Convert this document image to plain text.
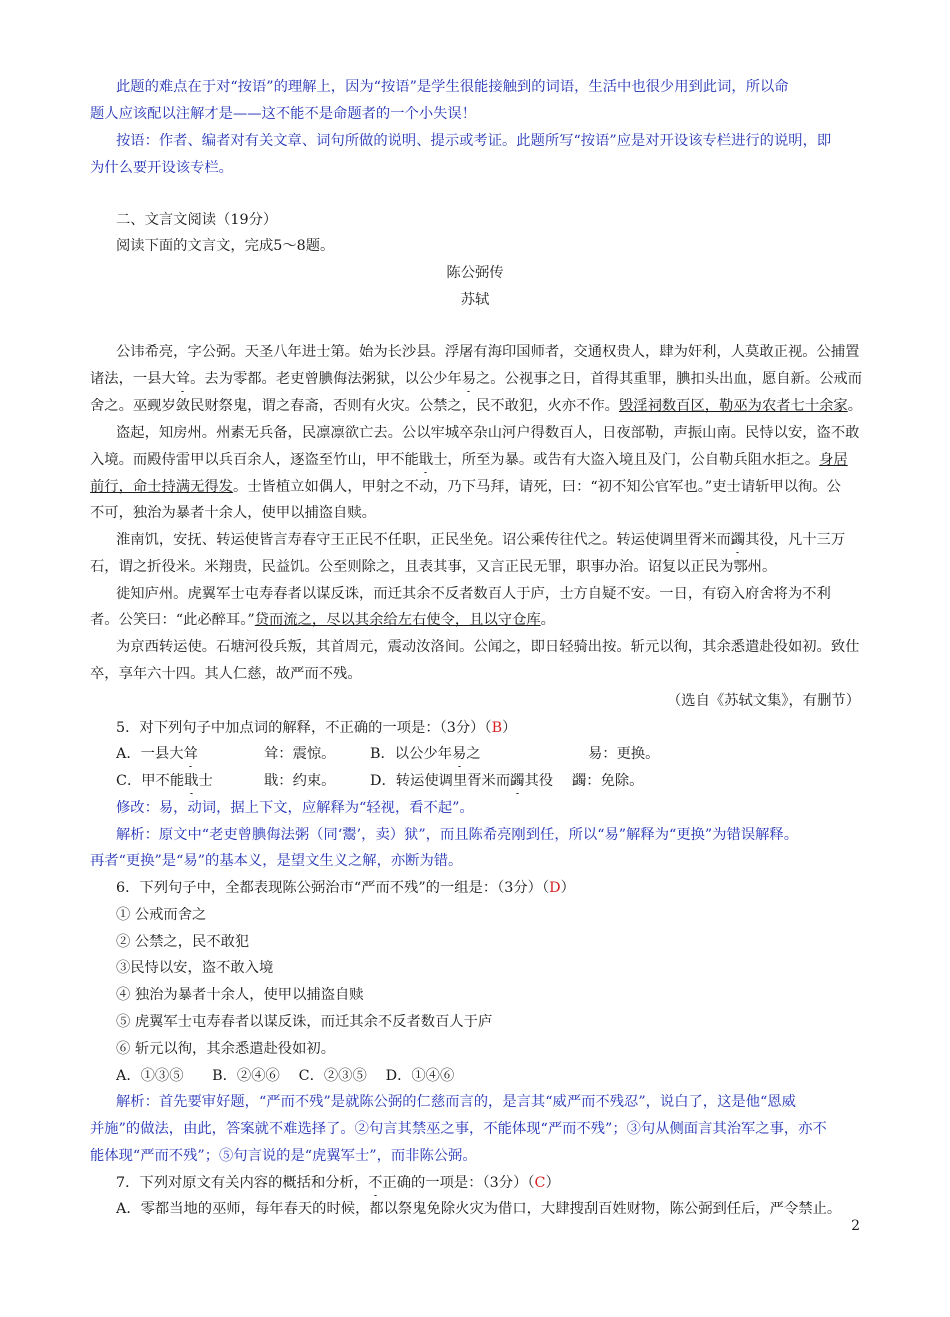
此题的难点在于对“按语”的理解上，因为“按语”是学生很能接触到的词语，生活中也很少用到此词，所以命
题人应该配以注解才是——这不能不是命题者的一个小失误！
按语：作者、编者对有关文章、词句所做的说明、提示或考证。此题所写“按语”应是对开设该专栏进行的说明，即
为什么要开设该专栏。
二、文言文阅读（19分）
阅读下面的文言文，完成5～8题。
陈公弼传
苏轼
公讳希亮，字公弼。天圣八年进士第。始为长沙县。浮屠有海印国师者，交通权贵人，肆为奸利，人莫敢正视。公捕置
诸法，一县大耸。去为零都。老吏曾腆侮法粥狱，以公少年易之。公视事之日，首得其重罪，腆扣头出血，愿自新。公戒而
舍之。巫觋岁敛民财祭鬼，谓之春斋，否则有火灾。公禁之，民不敢犯，火亦不作。毁淫祠数百区，勒巫为农者七十余家。
盗起，知房州。州素无兵备，民凛凛欲亡去。公以牢城卒杂山河户得数百人，日夜部勒，声振山南。民恃以安，盗不敢
入境。而殿侍雷甲以兵百余人，逐盗至竹山，甲不能戢士，所至为暴。或告有大盗入境且及门，公自勒兵阻水拒之。身居
前行，命士持满无得发。士皆植立如偶人，甲射之不动，乃下马拜，请死，曰：“初不知公官军也。”吏士请斩甲以徇。公
不可，独治为暴者十余人，使甲以捕盗自赎。
淮南饥，安抚、转运使皆言寿春守王正民不任职，正民坐免。诏公乘传往代之。转运使调里胥米而蠲其役，凡十三万
石，谓之折役米。米翔贵，民益饥。公至则除之，且表其事，又言正民无罪，职事办治。诏复以正民为鄂州。
徙知庐州。虎翼军士屯寿春者以谋反诛，而迁其余不反者数百人于庐，士方自疑不安。一日，有窃入府舍将为不利
者。公笑曰：“此必醉耳。”贷而流之，尽以其余给左右使令，且以守仓库。
为京西转运使。石塘河役兵叛，其首周元，震动汝洛间。公闻之，即日轻骑出按。斩元以徇，其余悉遣赴役如初。致仕
卒，享年六十四。其人仁慈，故严而不残。
（选自《苏轼文集》，有删节）
5．对下列句子中加点词的解释，不正确的一项是：（3分）（B）
A．一县大耸	耸：震惊。 B．以公少年易之	易：更换。
C．甲不能戢士	戢：约束。 D．转运使调里胥米而蠲其役 蠲：免除。
修改：易，动词，据上下文，应解释为“轻视，看不起”。
解析：原文中“老吏曾腆侮法粥（同‘鬻’，卖）狱”，而且陈希亮刚到任，所以“易”解释为“更换”为错误解释。
再者“更换”是“易”的基本义，是望文生义之解，亦断为错。
6．下列句子中，全都表现陈公弼治市“严而不残”的一组是：（3分）（D）
① 公戒而舍之
② 公禁之，民不敢犯
③民恃以安，盗不敢入境
④ 独治为暴者十余人，使甲以捕盗自赎
⑤ 虎翼军士屯寿春者以谋反诛，而迁其余不反者数百人于庐
⑥ 斩元以徇，其余悉遣赴役如初。
A．①③⑤　　B．②④⑥　 C．②③⑤　 D．①④⑥
解析：首先要审好题，“严而不残”是就陈公弼的仁慈而言的，是言其“威严而不残忍”，说白了，这是他“恩威
并施”的做法，由此，答案就不难选择了。②句言其禁巫之事，不能体现“严而不残”；③句从侧面言其治军之事，亦不
能体现“严而不残”；⑤句言说的是“虎翼军士”，而非陈公弼。
7．下列对原文有关内容的概括和分析，不正确的一项是：（3分）（C）
A．零都当地的巫师，每年春天的时候，都以祭鬼免除火灾为借口，大肆搜刮百姓财物，陈公弼到任后，严令禁止。
2
